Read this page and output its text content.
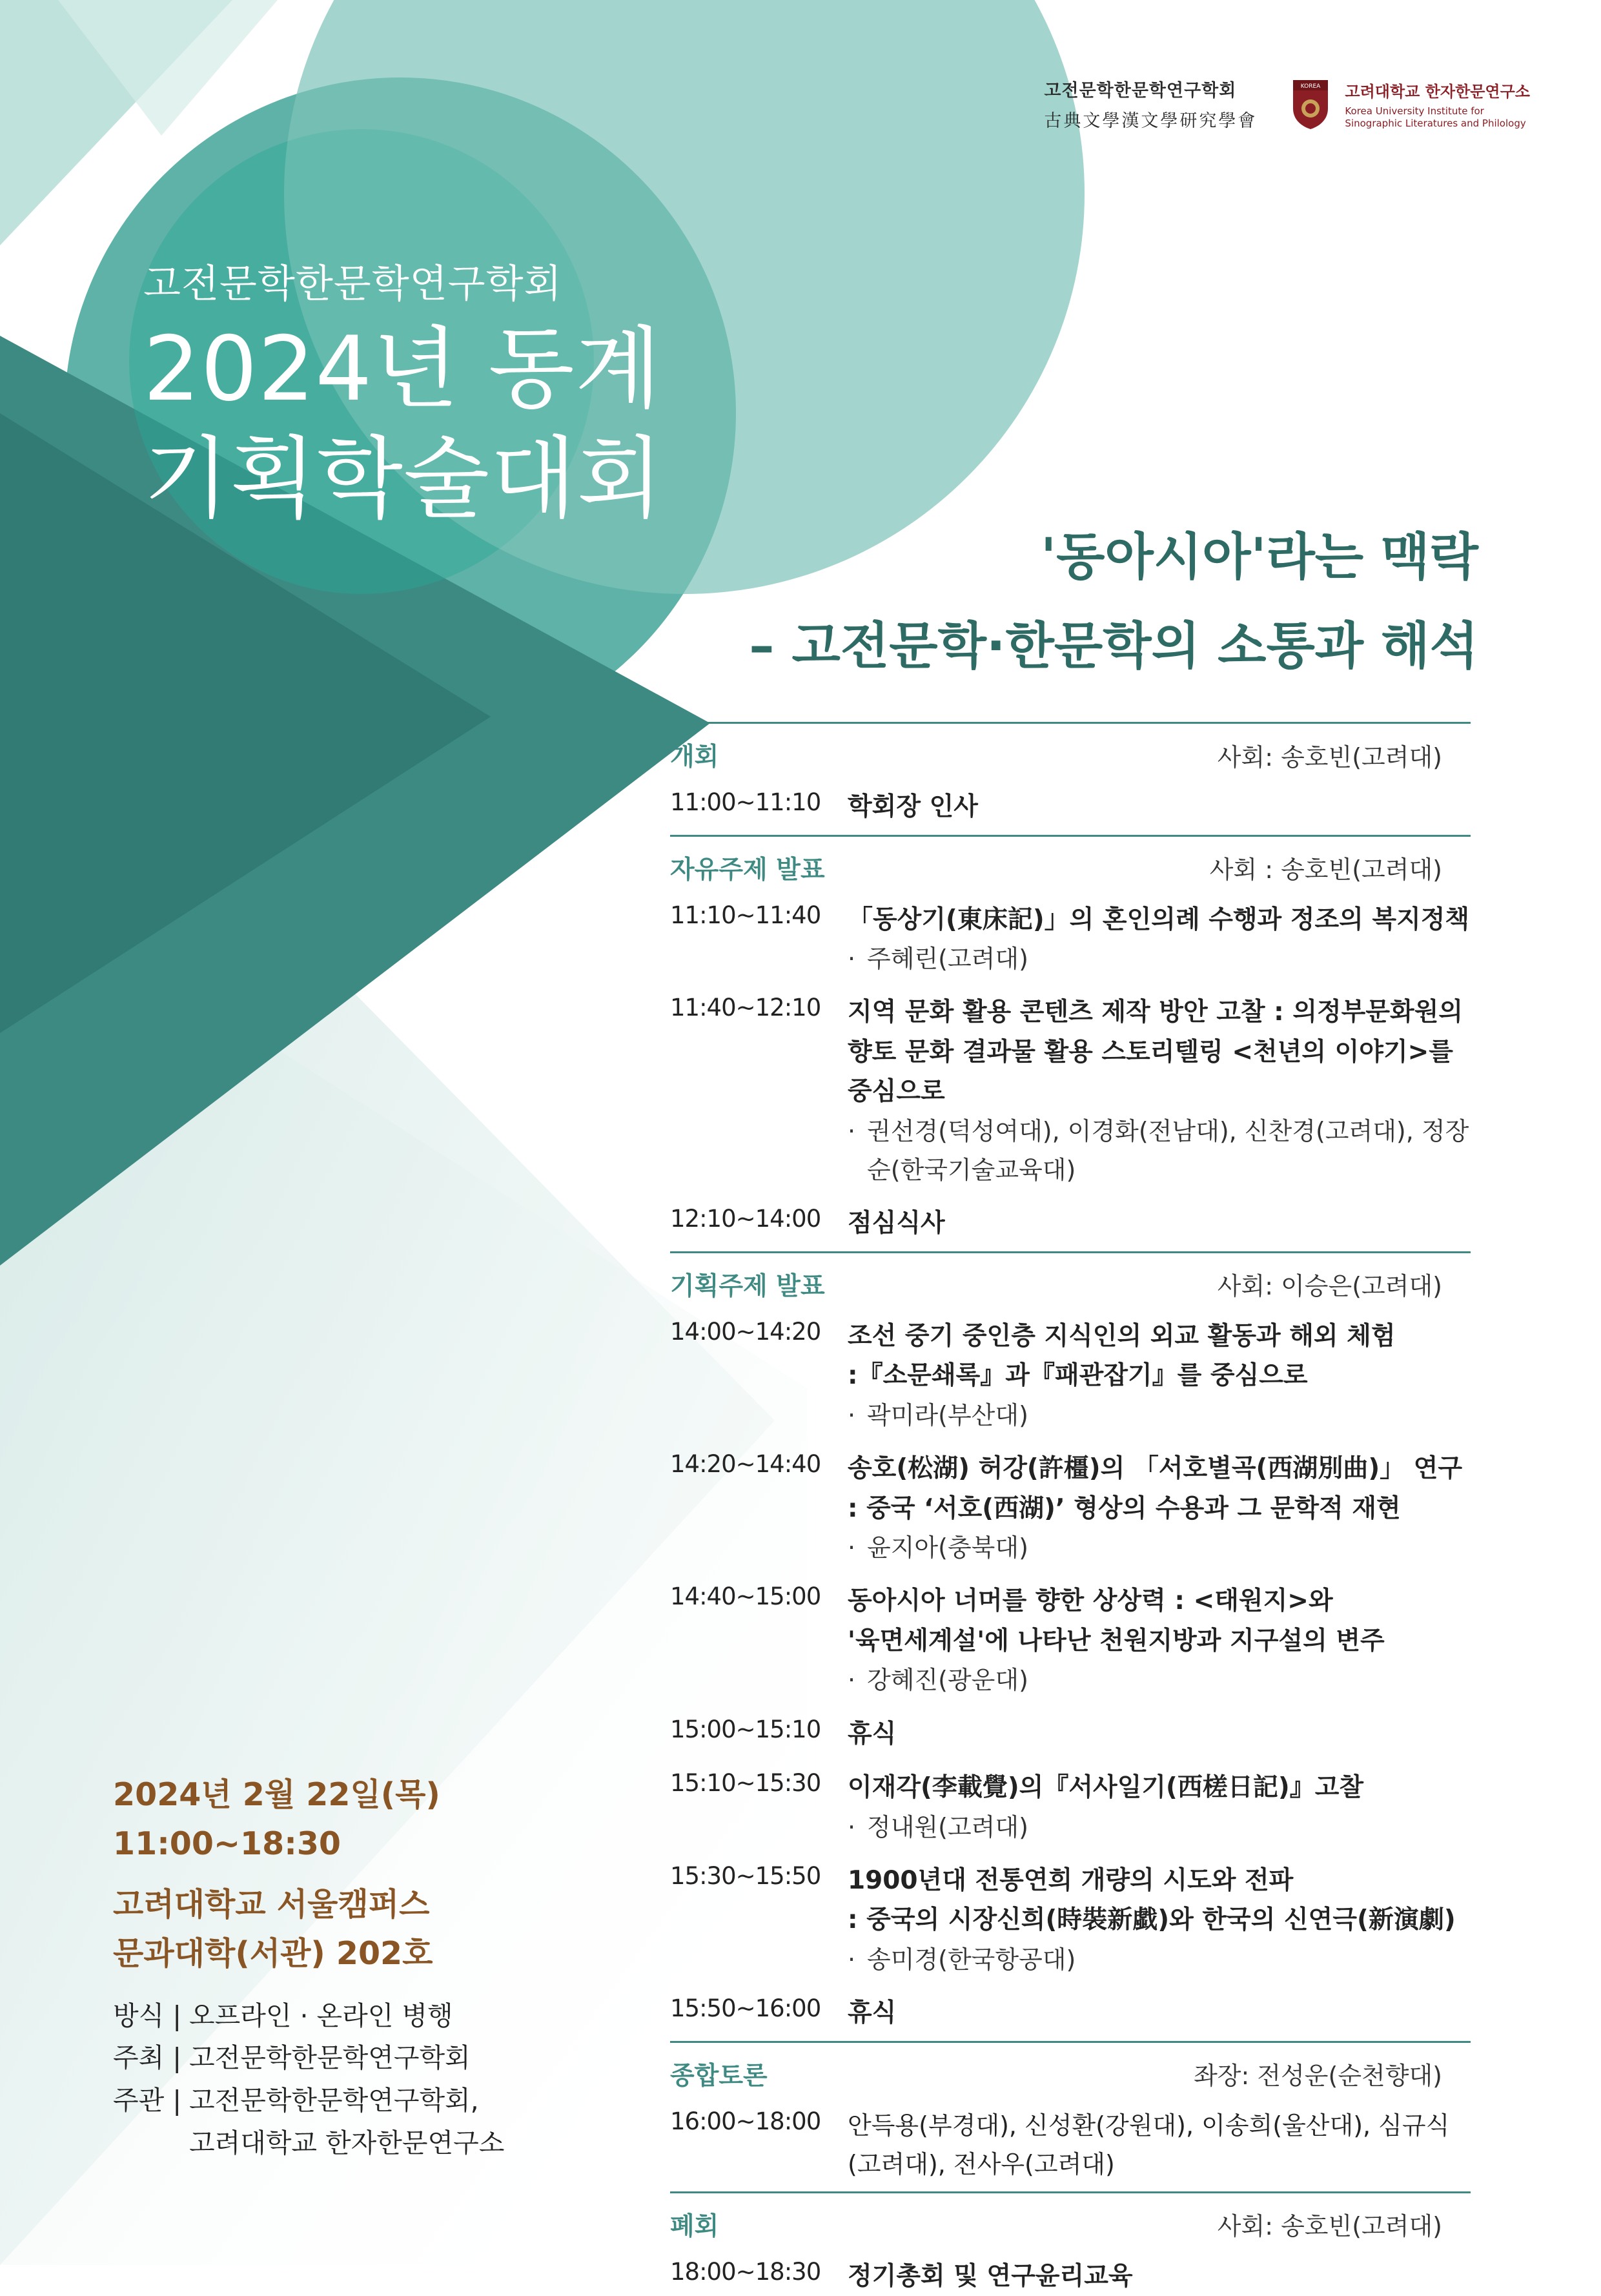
고전문학한문학연구학회
古典文學漢文學研究學會
KOREA 고려대학교 한자한문연구소
Korea University Institute for
Sinographic Literatures and Philology
고전문학한문학연구학회
2024년 동계
기획학술대회
'동아시아'라는 맥락
– 고전문학·한문학의 소통과 해석
개회	사회: 송호빈(고려대)
11:00~11:10	학회장 인사
자유주제 발표	사회 : 송호빈(고려대)
11:10~11:40	「동상기(東床記)」의 혼인의례 수행과 정조의 복지정책
· 주혜린(고려대)
11:40~12:10	지역 문화 활용 콘텐츠 제작 방안 고찰 : 의정부문화원의 향토 문화 결과물 활용 스토리텔링 <천년의 이야기>를 중심으로
· 권선경(덕성여대), 이경화(전남대), 신찬경(고려대), 정장순(한국기술교육대)
12:10~14:00	점심식사
기획주제 발표	사회: 이승은(고려대)
14:00~14:20	조선 중기 중인층 지식인의 외교 활동과 해외 체험
:『소문쇄록』과『패관잡기』를 중심으로
· 곽미라(부산대)
14:20~14:40	송호(松湖) 허강(許橿)의 「서호별곡(西湖別曲)」 연구
: 중국 ‘서호(西湖)’ 형상의 수용과 그 문학적 재현
· 윤지아(충북대)
14:40~15:00	동아시아 너머를 향한 상상력 : <태원지>와
'육면세계설'에 나타난 천원지방과 지구설의 변주
· 강혜진(광운대)
15:00~15:10	휴식
15:10~15:30	이재각(李載覺)의『서사일기(西槎日記)』고찰
· 정내원(고려대)
15:30~15:50	1900년대 전통연희 개량의 시도와 전파
: 중국의 시장신희(時裝新戱)와 한국의 신연극(新演劇)
· 송미경(한국항공대)
15:50~16:00	휴식
종합토론	좌장: 전성운(순천향대)
16:00~18:00	안득용(부경대), 신성환(강원대), 이송희(울산대), 심규식(고려대), 전사우(고려대)
폐회	사회: 송호빈(고려대)
18:00~18:30	정기총회 및 연구윤리교육
2024년 2월 22일(목)
11:00~18:30
고려대학교 서울캠퍼스
문과대학(서관) 202호
방식 | 오프라인 · 온라인 병행
주최 | 고전문학한문학연구학회
주관 | 고전문학한문학연구학회,
고려대학교 한자한문연구소
